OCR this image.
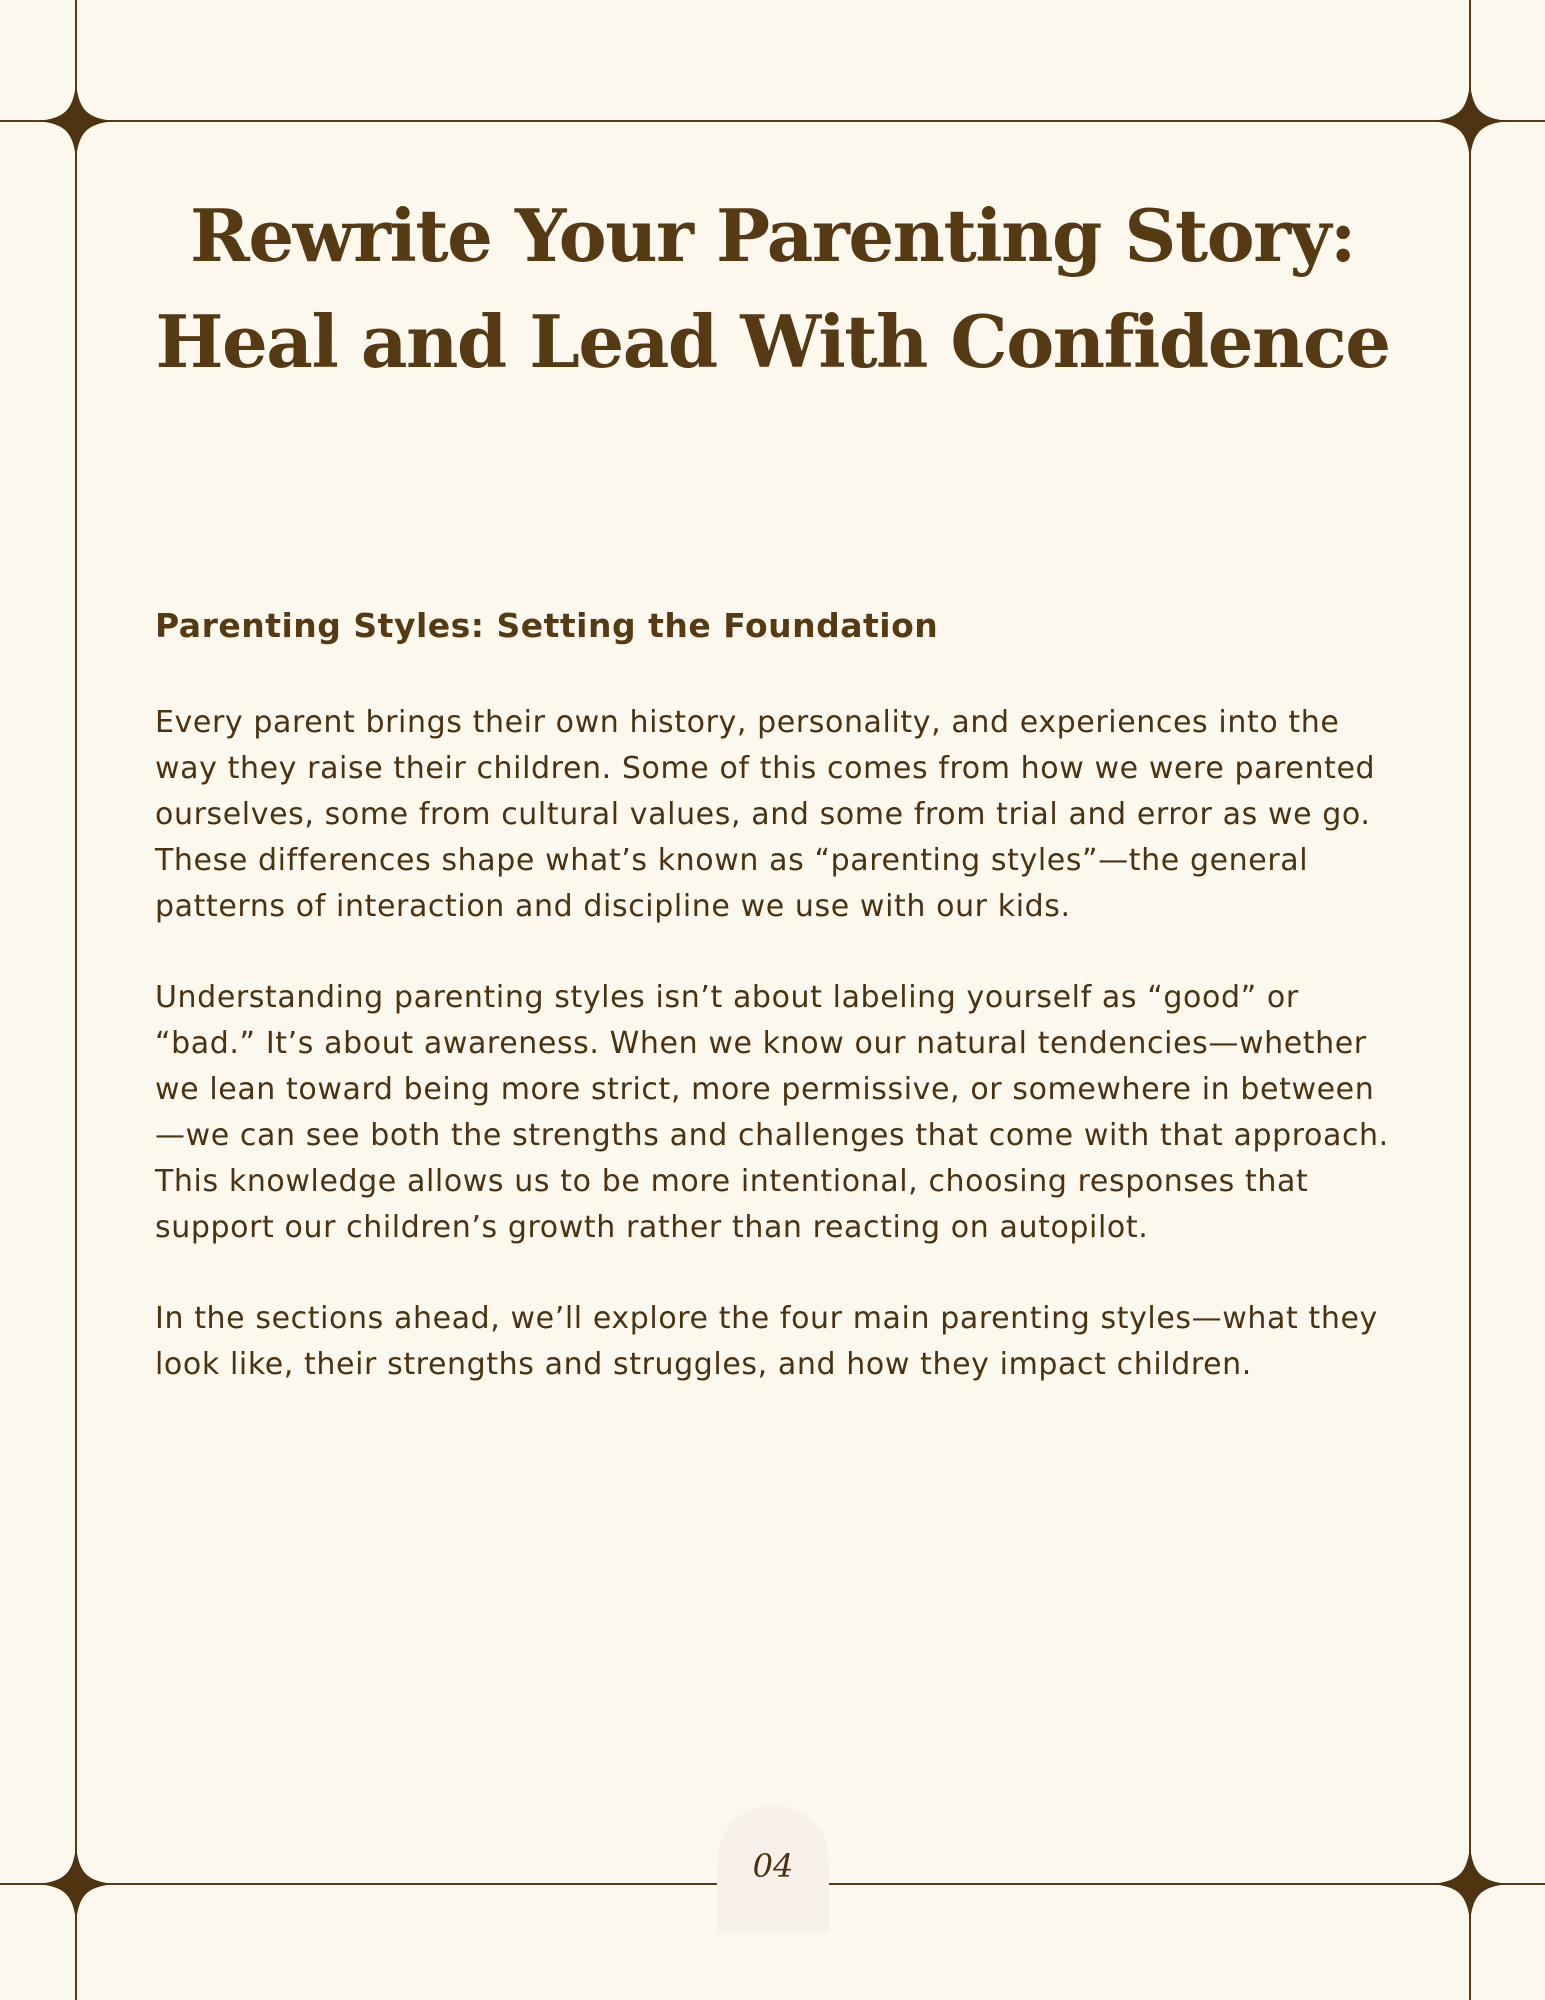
Rewrite Your Parenting Story: Heal and Lead With Confidence
Parenting Styles: Setting the Foundation

Every parent brings their own history, personality, and experiences into the way they raise their children. Some of this comes from how we were parented ourselves, some from cultural values, and some from trial and error as we go. These differences shape what’s known as “parenting styles”—the general patterns of interaction and discipline we use with our kids.

Understanding parenting styles isn’t about labeling yourself as “good” or “bad.” It’s about awareness. When we know our natural tendencies—whether we lean toward being more strict, more permissive, or somewhere in between—we can see both the strengths and challenges that come with that approach. This knowledge allows us to be more intentional, choosing responses that support our children’s growth rather than reacting on autopilot.

In the sections ahead, we’ll explore the four main parenting styles—what they look like, their strengths and struggles, and how they impact children.

04
